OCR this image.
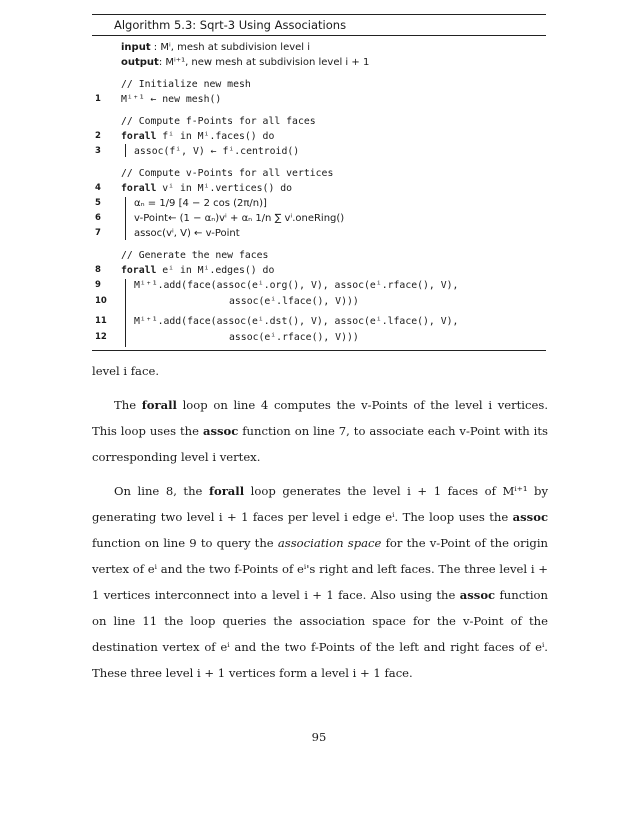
Algorithm 5.3: Sqrt-3 Using Associations
input : Mⁱ, mesh at subdivision level i
output: Mⁱ⁺¹, new mesh at subdivision level i + 1
// Initialize new mesh
1	Mⁱ⁺¹ ← new mesh()
// Compute f-Points for all faces
2	forall fⁱ in Mⁱ.faces() do
3	assoc(fⁱ, V) ← fⁱ.centroid()
// Compute v-Points for all vertices
4	forall vⁱ in Mⁱ.vertices() do
5	αₙ = 1/9 [4 − 2 cos (2π/n)]
6	v-Point← (1 − αₙ)vⁱ + αₙ 1/n ∑ vⁱ.oneRing()
7	assoc(vⁱ, V) ← v-Point
// Generate the new faces
8	forall eⁱ in Mⁱ.edges() do
9	Mⁱ⁺¹.add(face(assoc(eⁱ.org(), V), assoc(eⁱ.rface(), V),
10	assoc(eⁱ.lface(), V)))
11	Mⁱ⁺¹.add(face(assoc(eⁱ.dst(), V), assoc(eⁱ.lface(), V),
12	assoc(eⁱ.rface(), V)))

level i face.

The forall loop on line 4 computes the v-Points of the level i vertices. This loop uses the assoc function on line 7, to associate each v-Point with its corresponding level i vertex.

On line 8, the forall loop generates the level i + 1 faces of Mⁱ⁺¹ by generating two level i + 1 faces per level i edge eⁱ. The loop uses the assoc function on line 9 to query the association space for the v-Point of the origin vertex of eⁱ and the two f-Points of eⁱ's right and left faces. The three level i + 1 vertices interconnect into a level i + 1 face. Also using the assoc function on line 11 the loop queries the association space for the v-Point of the destination vertex of eⁱ and the two f-Points of the left and right faces of eⁱ. These three level i + 1 vertices form a level i + 1 face.

95
